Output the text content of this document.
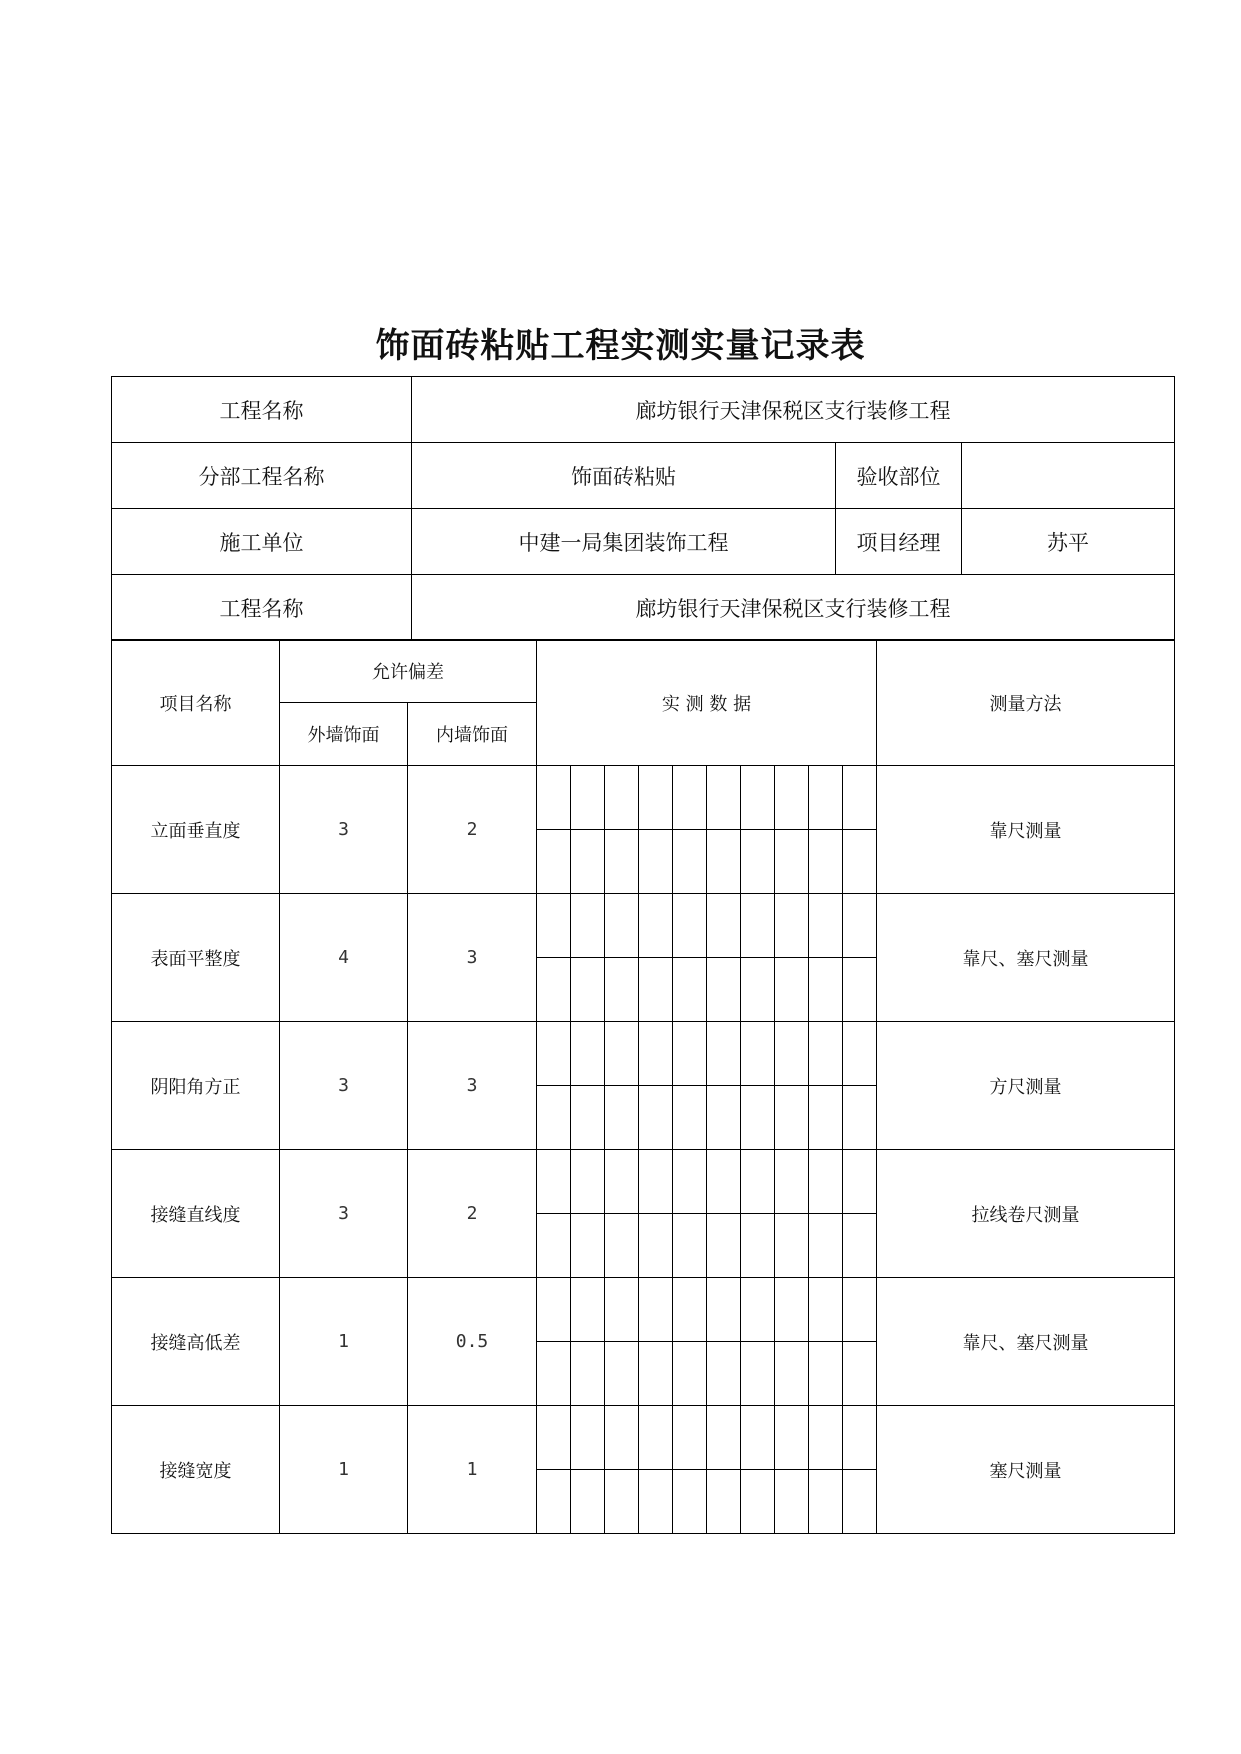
饰面砖粘贴工程实测实量记录表
工程名称	廊坊银行天津保税区支行装修工程		
分部工程名称	饰面砖粘贴	验收部位	
施工单位	中建一局集团装饰工程	项目经理	苏平
工程名称	廊坊银行天津保税区支行装修工程		
项目名称	允许偏差		实 测 数 据										测量方法
	外墙饰面	内墙饰面											
立面垂直度	3	2											靠尺测量

表面平整度	4	3											靠尺、塞尺测量

阴阳角方正	3	3											方尺测量

接缝直线度	3	2											拉线卷尺测量

接缝高低差	1	0.5											靠尺、塞尺测量

接缝宽度	1	1											塞尺测量
